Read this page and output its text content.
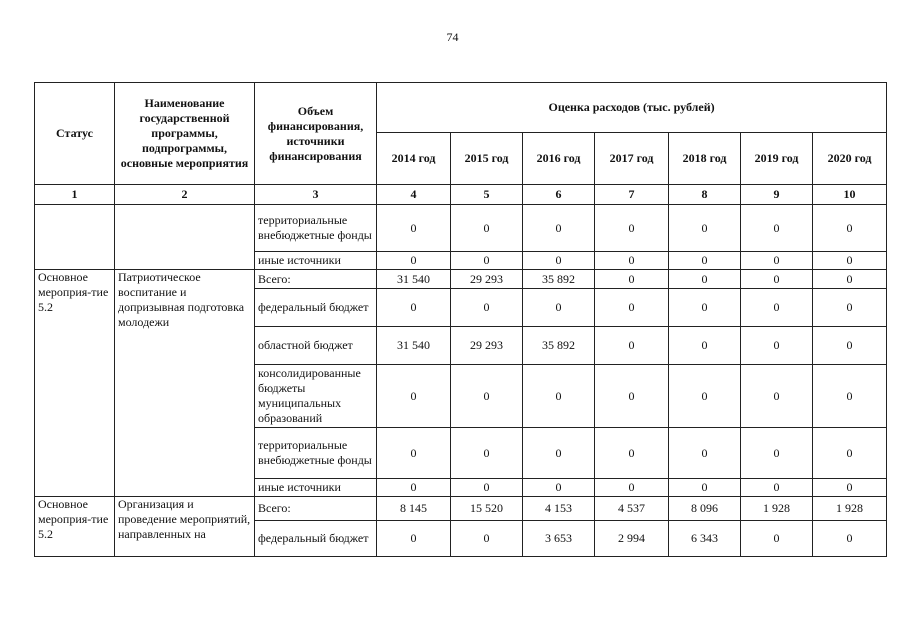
74
Статус	Наименование государственной программы, подпрограммы, основные мероприятия	Объем финансирования, источники финансирования	Оценка расходов (тыс. рублей)						
			2014 год	2015 год	2016 год	2017 год	2018 год	2019 год	2020 год
1	2	3	4	5	6	7	8	9	10
		территориальные внебюджетные фонды	0	0	0	0	0	0	0
		иные источники	0	0	0	0	0	0	0
Основное мероприя-тие 5.2	Патриотическое воспитание и допризывная подготовка молодежи	Всего:	31 540	29 293	35 892	0	0	0	0
		федеральный бюджет	0	0	0	0	0	0	0
		областной бюджет	31 540	29 293	35 892	0	0	0	0
		консолидированные бюджеты муниципальных образований	0	0	0	0	0	0	0
		территориальные внебюджетные фонды	0	0	0	0	0	0	0
		иные источники	0	0	0	0	0	0	0
Основное мероприя-тие 5.2	Организация и проведение мероприятий, направленных на	Всего:	8 145	15 520	4 153	4 537	8 096	1 928	1 928
		федеральный бюджет	0	0	3 653	2 994	6 343	0	0
